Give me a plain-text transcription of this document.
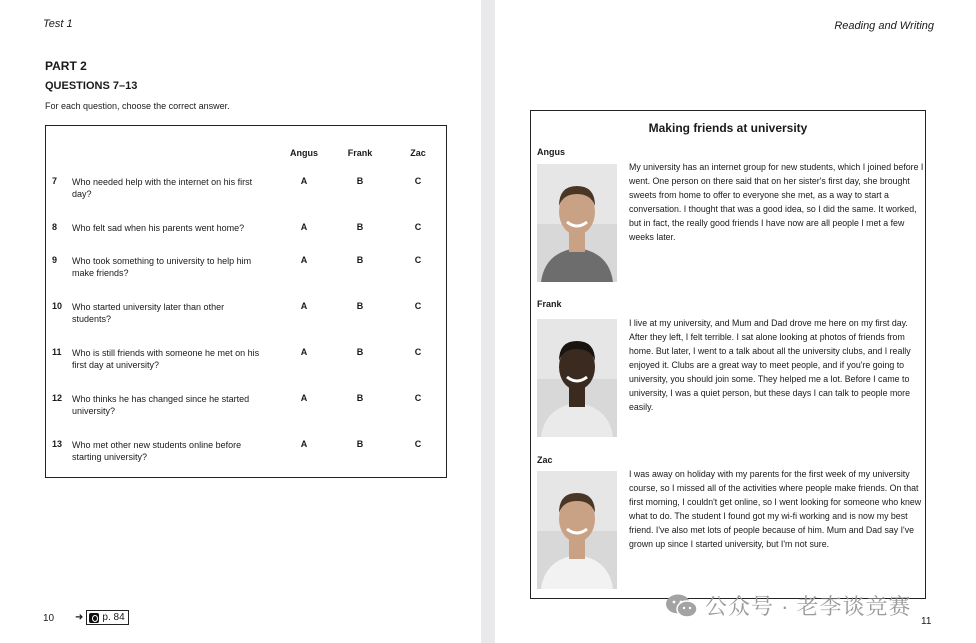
Test 1
PART 2
QUESTIONS 7–13
For each question, choose the correct answer.
Angus	Frank	Zac
7 Who needed help with the internet on his first day?
A	B	C
8 Who felt sad when his parents went home?	A	B	C
9 Who took something to university to help him make friends?
A	B	C
10 Who started university later than other students?
A	B	C
11 Who is still friends with someone he met on his first day at university?
A	B	C
12 Who thinks he has changed since he started university?
A	B	C
13 Who met other new students online before starting university?
A	B	C
10 ➜ p. 84
Reading and Writing
Making friends at university
Angus
My university has an internet group for new students, which I joined before I went. One person on there said that on her sister's first day, she brought sweets from home to offer to everyone she met, as a way to start a conversation. I thought that was a good idea, so I did the same. It worked, but in fact, the really good friends I have now are all people I met a few weeks later.
Frank
I live at my university, and Mum and Dad drove me here on my first day. After they left, I felt terrible. I sat alone looking at photos of friends from home. But later, I went to a talk about all the university clubs, and I really enjoyed it. Clubs are a great way to meet people, and if you're going to university, you should join some. They helped me a lot. Before I came to university, I was a quiet person, but these days I can talk to people more easily.
Zac
I was away on holiday with my parents for the first week of my university course, so I missed all of the activities where people make friends. On that first morning, I couldn't get online, so I went looking for someone who knew what to do. The student I found got my wi-fi working and is now my best friend. I've also met lots of people because of him. Mum and Dad say I've grown up since I started university, but I'm not sure.
11
公众号 · 老李谈竞赛
